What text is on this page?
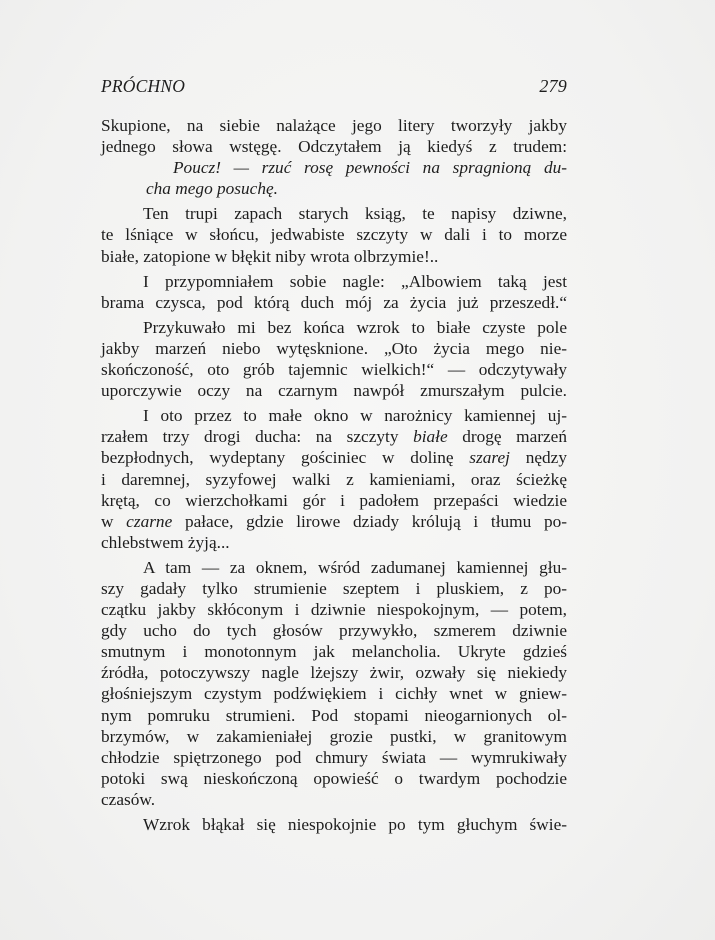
PRÓCHNO	279
Skupione, na siebie nalażące jego litery tworzyły jakby
jednego słowa wstęgę. Odczytałem ją kiedyś z trudem:
Poucz! — rzuć rosę pewności na spragnioną du-
cha mego posuchę.
Ten trupi zapach starych ksiąg, te napisy dziwne,
te lśniące w słońcu, jedwabiste szczyty w dali i to morze
białe, zatopione w błękit niby wrota olbrzymie!..
I przypomniałem sobie nagle: „Albowiem taką jest
brama czysca, pod którą duch mój za życia już przeszedł.“
Przykuwało mi bez końca wzrok to białe czyste pole
jakby marzeń niebo wytęsknione. „Oto życia mego nie-
skończoność, oto grób tajemnic wielkich!“ — odczytywały
uporczywie oczy na czarnym nawpół zmurszałym pulcie.
I oto przez to małe okno w narożnicy kamiennej uj-
rzałem trzy drogi ducha: na szczyty białe drogę marzeń
bezpłodnych, wydeptany gościniec w dolinę szarej nędzy
i daremnej, syzyfowej walki z kamieniami, oraz ścieżkę
krętą, co wierzchołkami gór i padołem przepaści wiedzie
w czarne pałace, gdzie lirowe dziady królują i tłumu po-
chlebstwem żyją...
A tam — za oknem, wśród zadumanej kamiennej głu-
szy gadały tylko strumienie szeptem i pluskiem, z po-
czątku jakby skłóconym i dziwnie niespokojnym, — potem,
gdy ucho do tych głosów przywykło, szmerem dziwnie
smutnym i monotonnym jak melancholia. Ukryte gdzieś
źródła, potoczywszy nagle lżejszy żwir, ozwały się niekiedy
głośniejszym czystym podźwiękiem i cichły wnet w gniew-
nym pomruku strumieni. Pod stopami nieogarnionych ol-
brzymów, w zakamieniałej grozie pustki, w granitowym
chłodzie spiętrzonego pod chmury świata — wymrukiwały
potoki swą nieskończoną opowieść o twardym pochodzie
czasów.
Wzrok błąkał się niespokojnie po tym głuchym świe-
